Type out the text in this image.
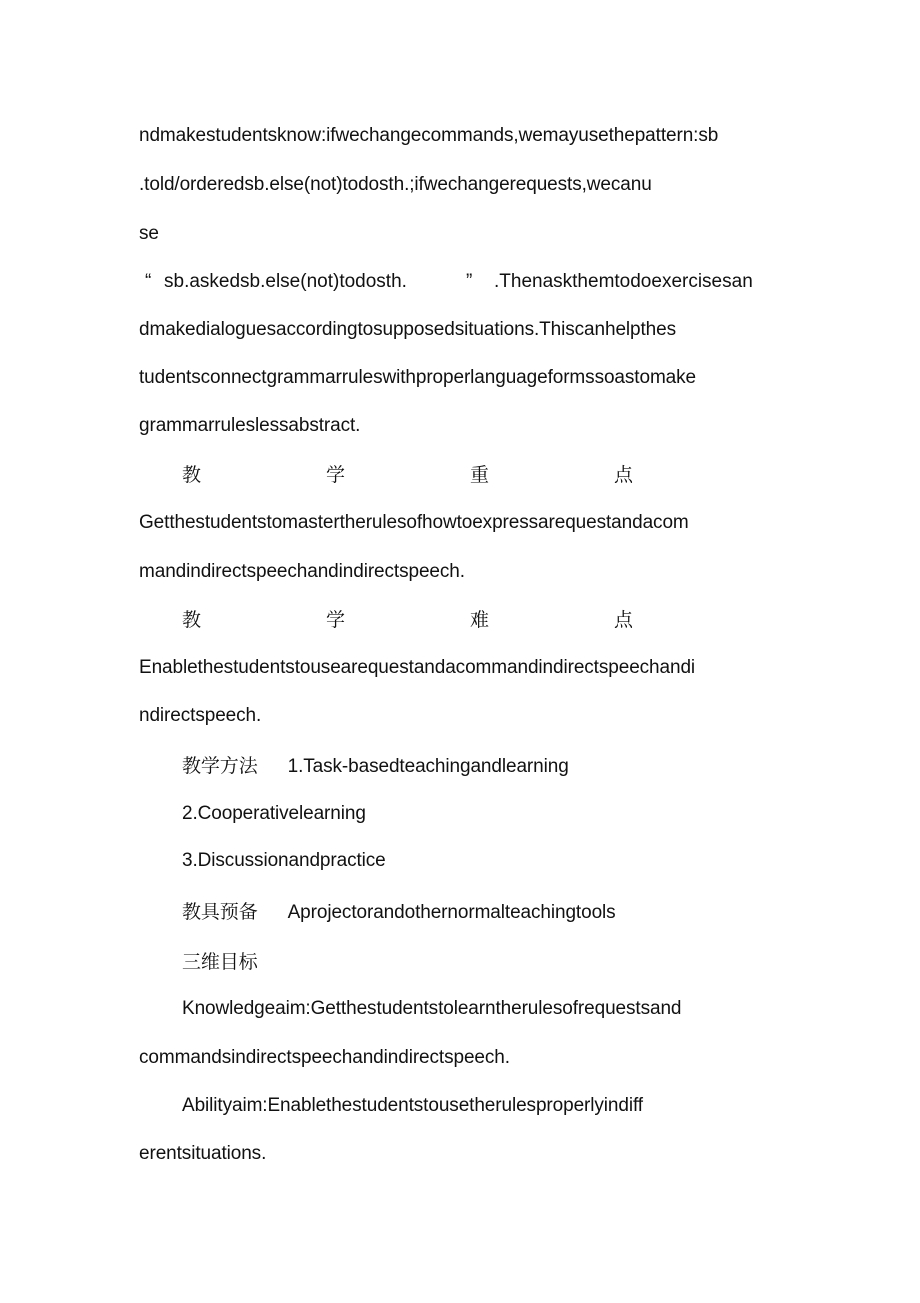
ndmakestudentsknow:ifwechangecommands,wemayusethepattern:sb
.told/orderedsb.else(not)todosth.;ifwechangerequests,wecanu
se
“ sb.askedsb.else(not)todosth.	” .Thenaskthemtodoexercisesan
dmakedialoguesaccordingtosupposedsituations.Thiscanhelpthes
tudentsconnectgrammarruleswithproperlanguageformssoastomake
grammarruleslessabstract.
教	学	重	点
Getthestudentstomastertherulesofhowtoexpressarequestandacom
mandindirectspeechandindirectspeech.
教	学	难	点
Enablethestudentstousearequestandacommandindirectspeechandi
ndirectspeech.
教学方法 1.Task-basedteachingandlearning
2.Cooperativelearning
3.Discussionandpractice
教具预备 Aprojectorandothernormalteachingtools
三维目标
Knowledgeaim:Getthestudentstolearntherulesofrequestsand
commandsindirectspeechandindirectspeech.
Abilityaim:Enablethestudentstousetherulesproperlyindiff
erentsituations.
